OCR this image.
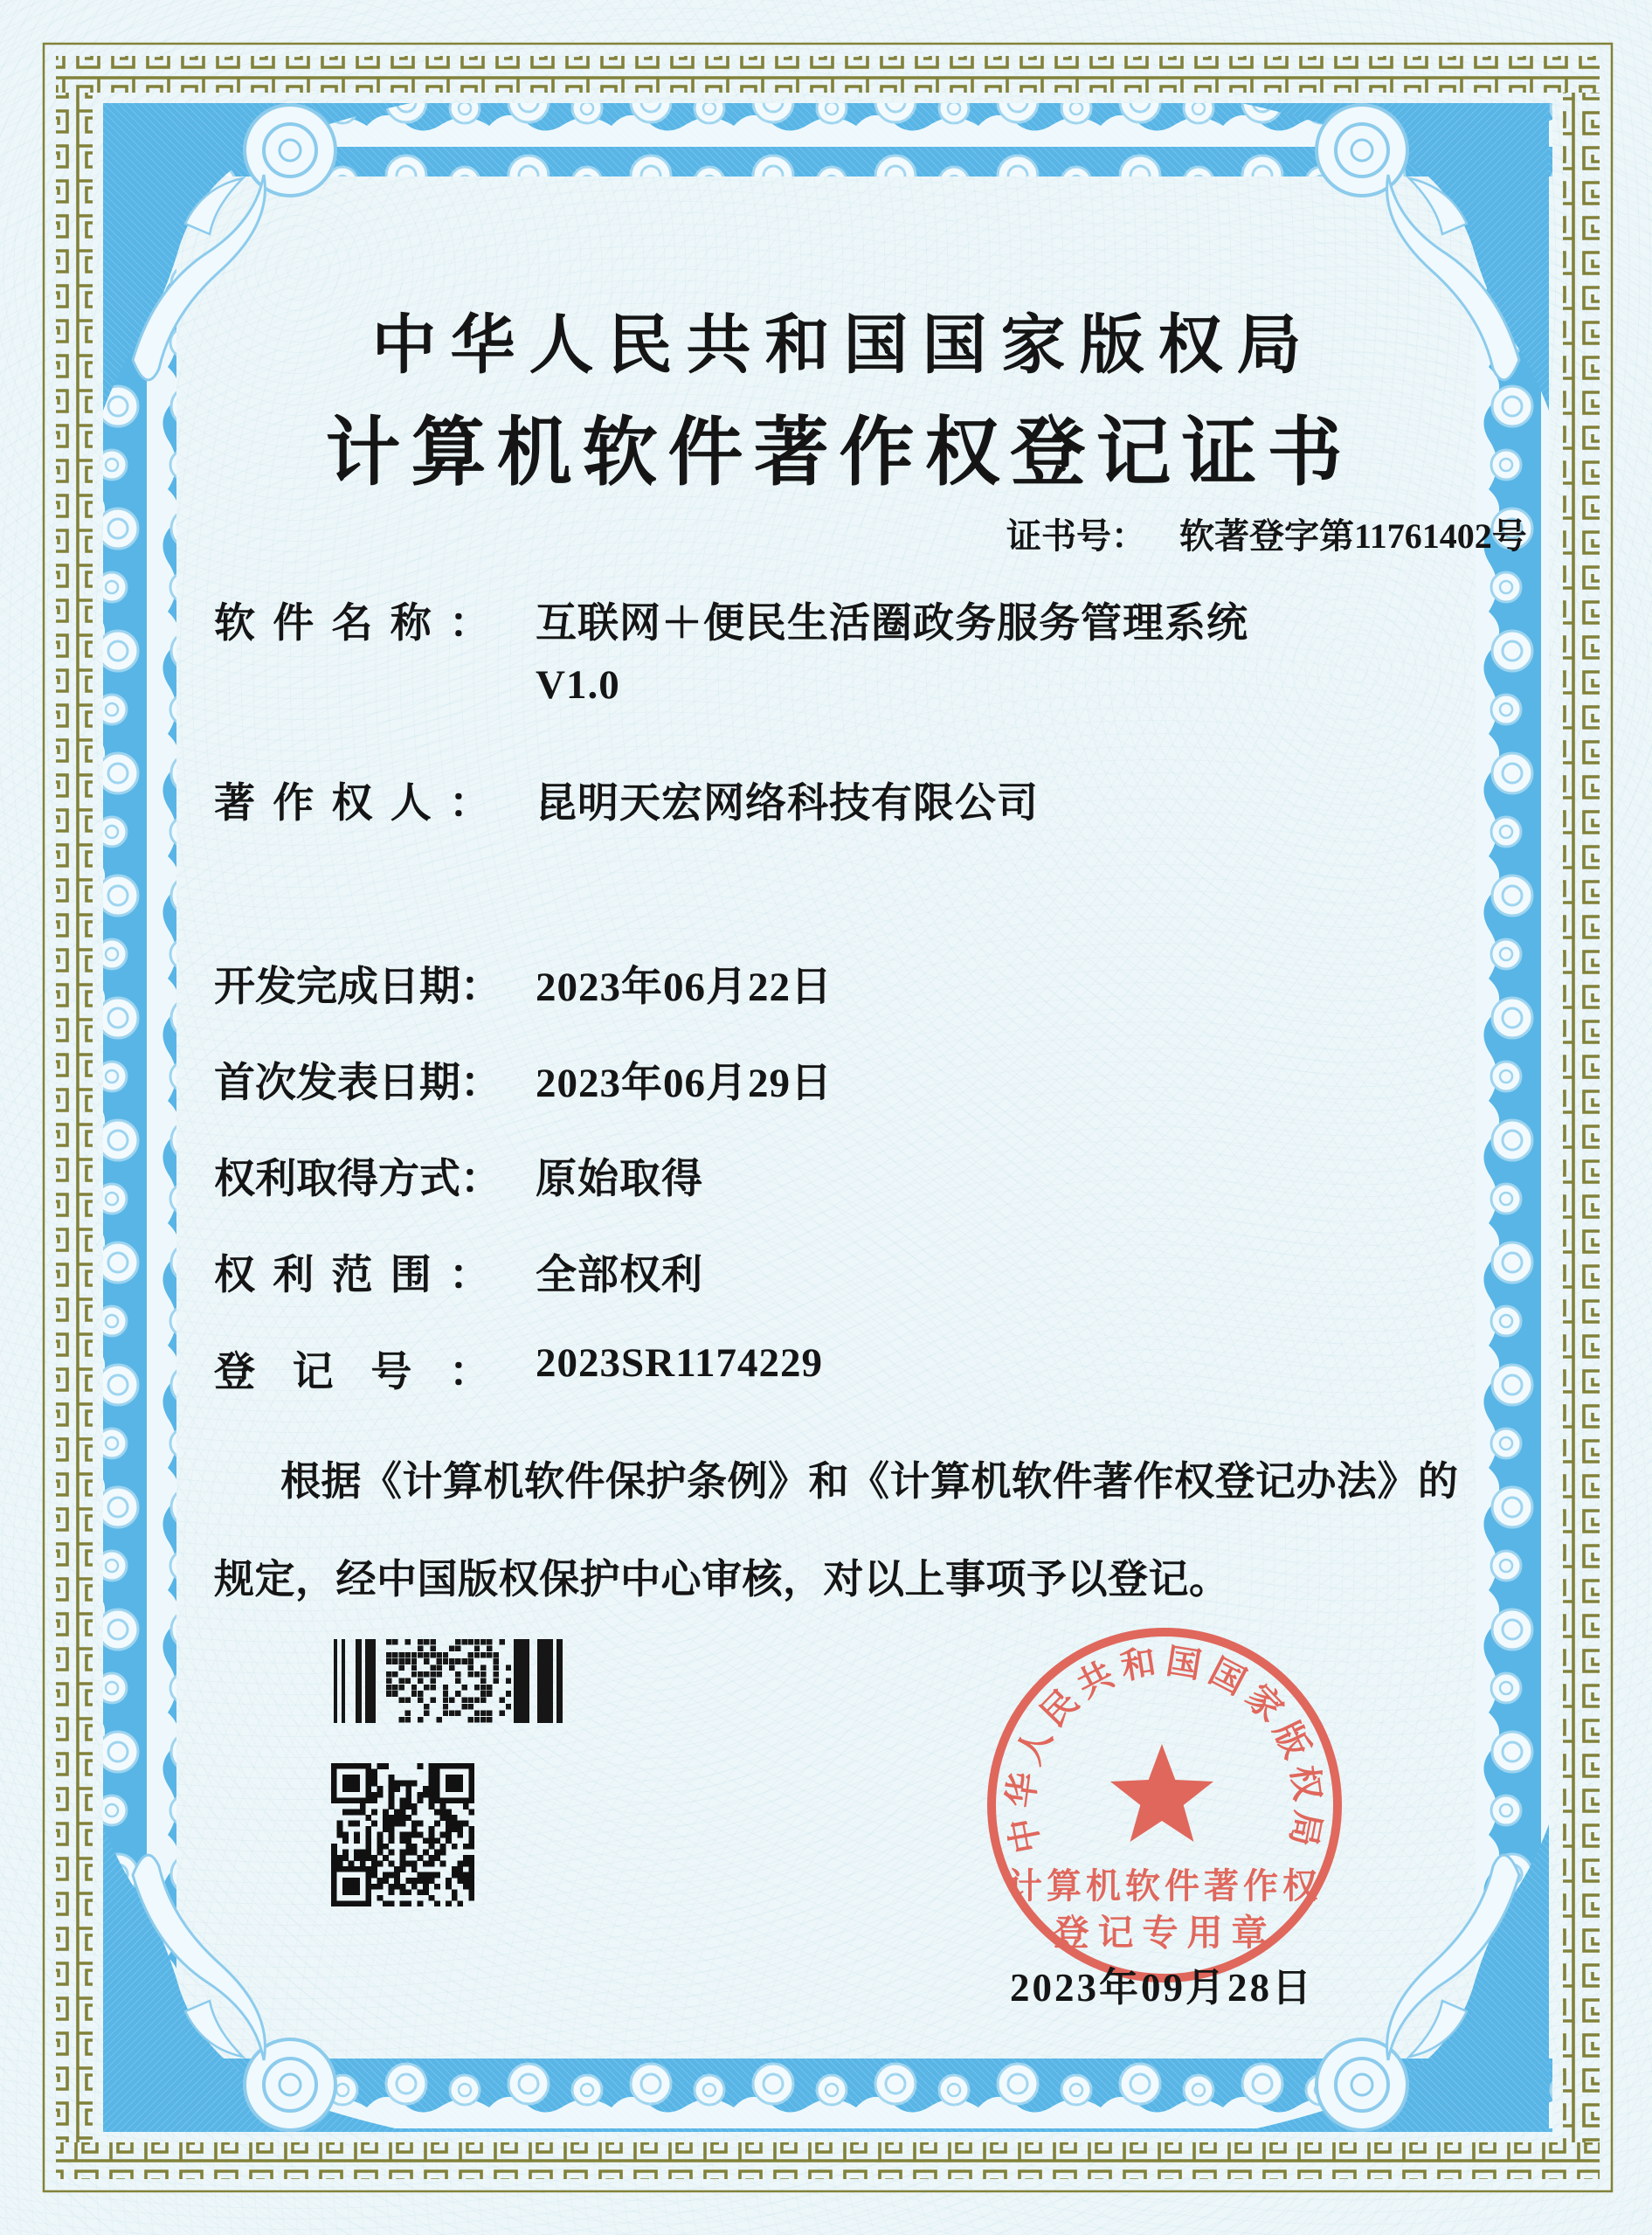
中华人民共和国国家版权局
计算机软件著作权
登记专用章
中华人民共和国国家版权局
计算机软件著作权登记证书
证书号： 软著登字第11761402号
软件名称： 互联网＋便民生活圈政务服务管理系统
V1.0
著作权人： 昆明天宏网络科技有限公司
开发完成日期： 2023年06月22日
首次发表日期： 2023年06月29日
权利取得方式： 原始取得
权利范围： 全部权利
登记号： 2023SR1174229
根据《计算机软件保护条例》和《计算机软件著作权登记办法》的
规定，经中国版权保护中心审核，对以上事项予以登记。
2023年09月28日
